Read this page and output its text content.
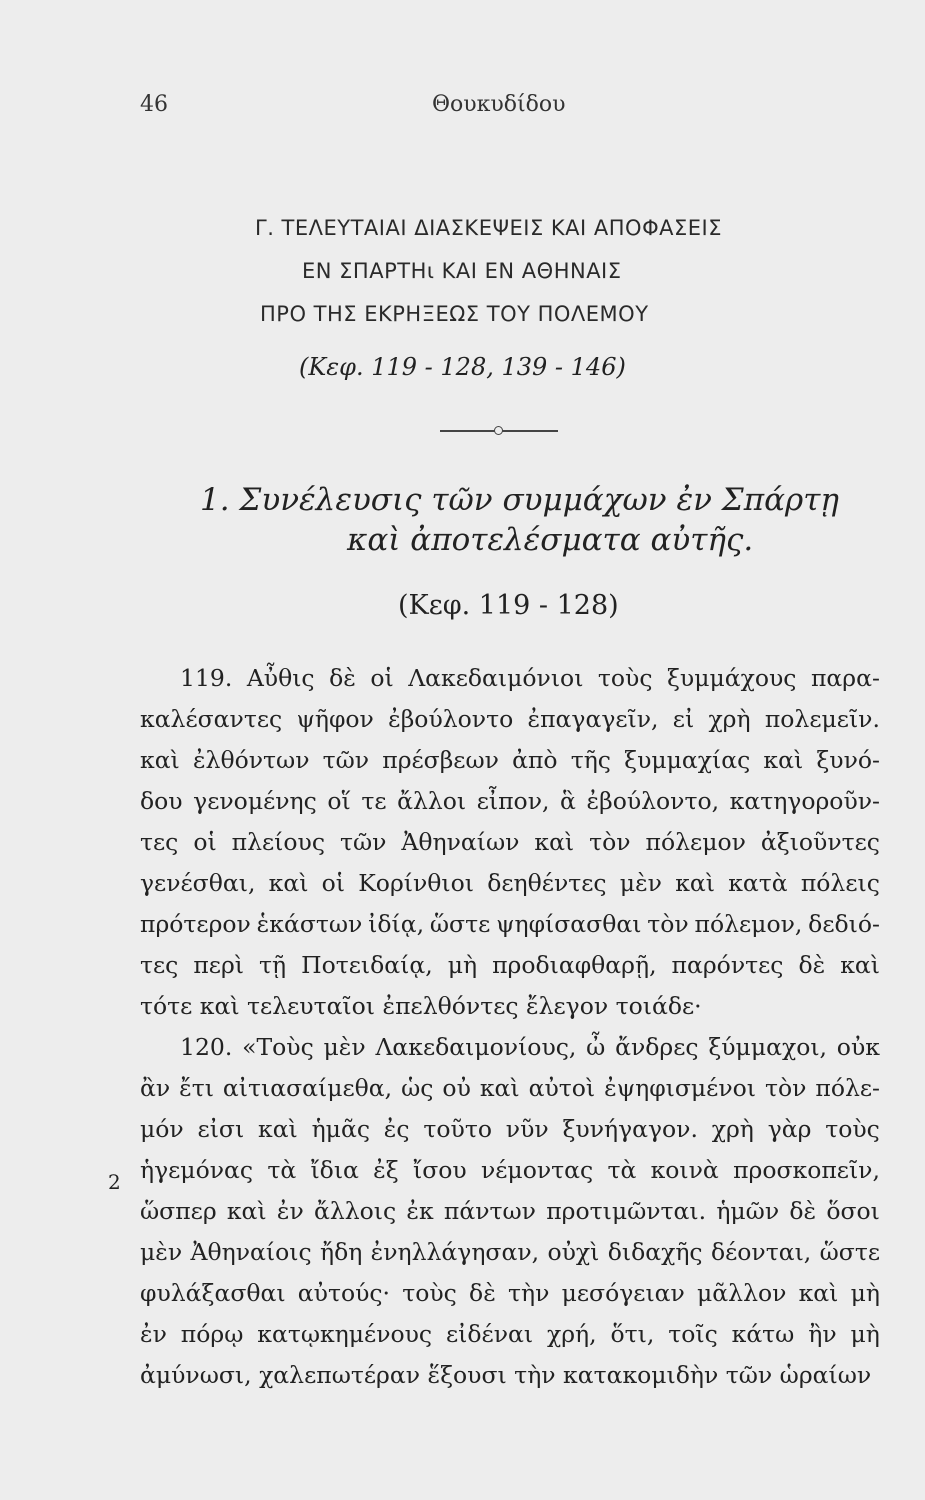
46	Θουκυδίδου
Γ. ΤΕΛΕΥΤΑΙΑΙ ΔΙΑΣΚΕΨΕΙΣ ΚΑΙ ΑΠΟΦΑΣΕΙΣ
ΕΝ ΣΠΑΡΤΗι ΚΑΙ ΕΝ ΑΘΗΝΑΙΣ
ΠΡΟ ΤΗΣ ΕΚΡΗΞΕΩΣ ΤΟΥ ΠΟΛΕΜΟΥ
(Κεφ. 119 - 128, 139 - 146)
1. Συνέλευσις τῶν συμμάχων ἐν Σπάρτῃ
καὶ ἀποτελέσματα αὐτῆς.
(Κεφ. 119 - 128)
2
119. Αὖθις δὲ οἱ Λακεδαιμόνιοι τοὺς ξυμμάχους παρα-
καλέσαντες ψῆφον ἐβούλοντο ἐπαγαγεῖν, εἰ χρὴ πολεμεῖν.
καὶ ἐλθόντων τῶν πρέσβεων ἀπὸ τῆς ξυμμαχίας καὶ ξυνό-
δου γενομένης οἵ τε ἄλλοι εἶπον, ἃ ἐβούλοντο, κατηγοροῦν-
τες οἱ πλείους τῶν Ἀθηναίων καὶ τὸν πόλεμον ἀξιοῦντες
γενέσθαι, καὶ οἱ Κορίνθιοι δεηθέντες μὲν καὶ κατὰ πόλεις
πρότερον ἑκάστων ἰδίᾳ, ὥστε ψηφίσασθαι τὸν πόλεμον, δεδιό-
τες περὶ τῇ Ποτειδαίᾳ, μὴ προδιαφθαρῇ, παρόντες δὲ καὶ
τότε καὶ τελευταῖοι ἐπελθόντες ἔλεγον τοιάδε·
120. «Τοὺς μὲν Λακεδαιμονίους, ὦ ἄνδρες ξύμμαχοι, οὐκ
ἂν ἔτι αἰτιασαίμεθα, ὡς οὐ καὶ αὐτοὶ ἐψηφισμένοι τὸν πόλε-
μόν εἰσι καὶ ἡμᾶς ἐς τοῦτο νῦν ξυνήγαγον. χρὴ γὰρ τοὺς
ἡγεμόνας τὰ ἴδια ἐξ ἴσου νέμοντας τὰ κοινὰ προσκοπεῖν,
ὥσπερ καὶ ἐν ἄλλοις ἐκ πάντων προτιμῶνται. ἡμῶν δὲ ὅσοι
μὲν Ἀθηναίοις ἤδη ἐνηλλάγησαν, οὐχὶ διδαχῆς δέονται, ὥστε
φυλάξασθαι αὐτούς· τοὺς δὲ τὴν μεσόγειαν μᾶλλον καὶ μὴ
ἐν πόρῳ κατῳκημένους εἰδέναι χρή, ὅτι, τοῖς κάτω ἢν μὴ
ἀμύνωσι, χαλεπωτέραν ἕξουσι τὴν κατακομιδὴν τῶν ὡραίων
